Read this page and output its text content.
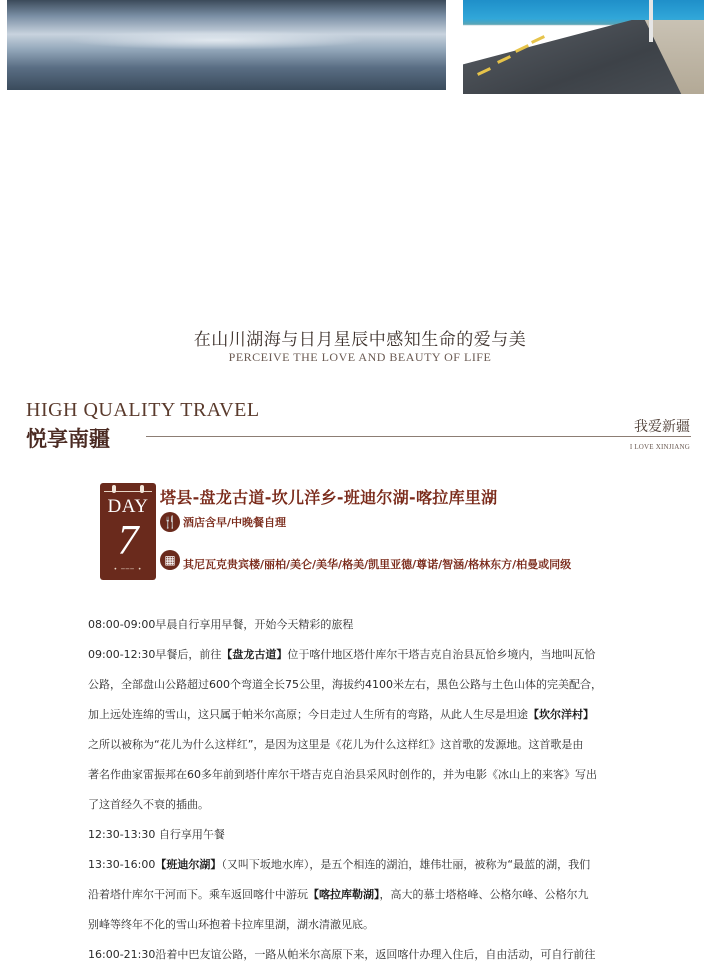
在山川湖海与日月星辰中感知生命的爱与美
PERCEIVE THE LOVE AND BEAUTY OF LIFE
HIGH QUALITY TRAVEL
悦享南疆	我爱新疆
I LOVE XINJIANG
DAY
7
• ─── •
塔县-盘龙古道-坎儿洋乡-班迪尔湖-喀拉库里湖
🍴 酒店含早/中晚餐自理
▦ 其尼瓦克贵宾楼/丽柏/美仑/美华/格美/凯里亚德/尊诺/智涵/格林东方/柏曼或同级

08:00-09:00早晨自行享用早餐，开始今天精彩的旅程

09:00-12:30早餐后，前往【盘龙古道】位于喀什地区塔什库尔干塔吉克自治县瓦恰乡境内，当地叫瓦恰

公路，全部盘山公路超过600个弯道全长75公里，海拔约4100米左右，黑色公路与土色山体的完美配合，

加上远处连绵的雪山，这只属于帕米尔高原；今日走过人生所有的弯路，从此人生尽是坦途【坎尔洋村】

之所以被称为“花儿为什么这样红”，是因为这里是《花儿为什么这样红》这首歌的发源地。这首歌是由

著名作曲家雷振邦在60多年前到塔什库尔干塔吉克自治县采风时创作的，并为电影《冰山上的来客》写出

了这首经久不衰的插曲。

12:30-13:30 自行享用午餐

13:30-16:00【班迪尔湖】（又叫下坂地水库），是五个相连的湖泊，雄伟壮丽，被称为“最蓝的湖，我们

沿着塔什库尔干河而下。乘车返回喀什中游玩【喀拉库勒湖】，高大的慕士塔格峰、公格尔峰、公格尔九

别峰等终年不化的雪山环抱着卡拉库里湖，湖水清澈见底。

16:00-21:30沿着中巴友谊公路，一路从帕米尔高原下来，返回喀什办理入住后，自由活动，可自行前往
